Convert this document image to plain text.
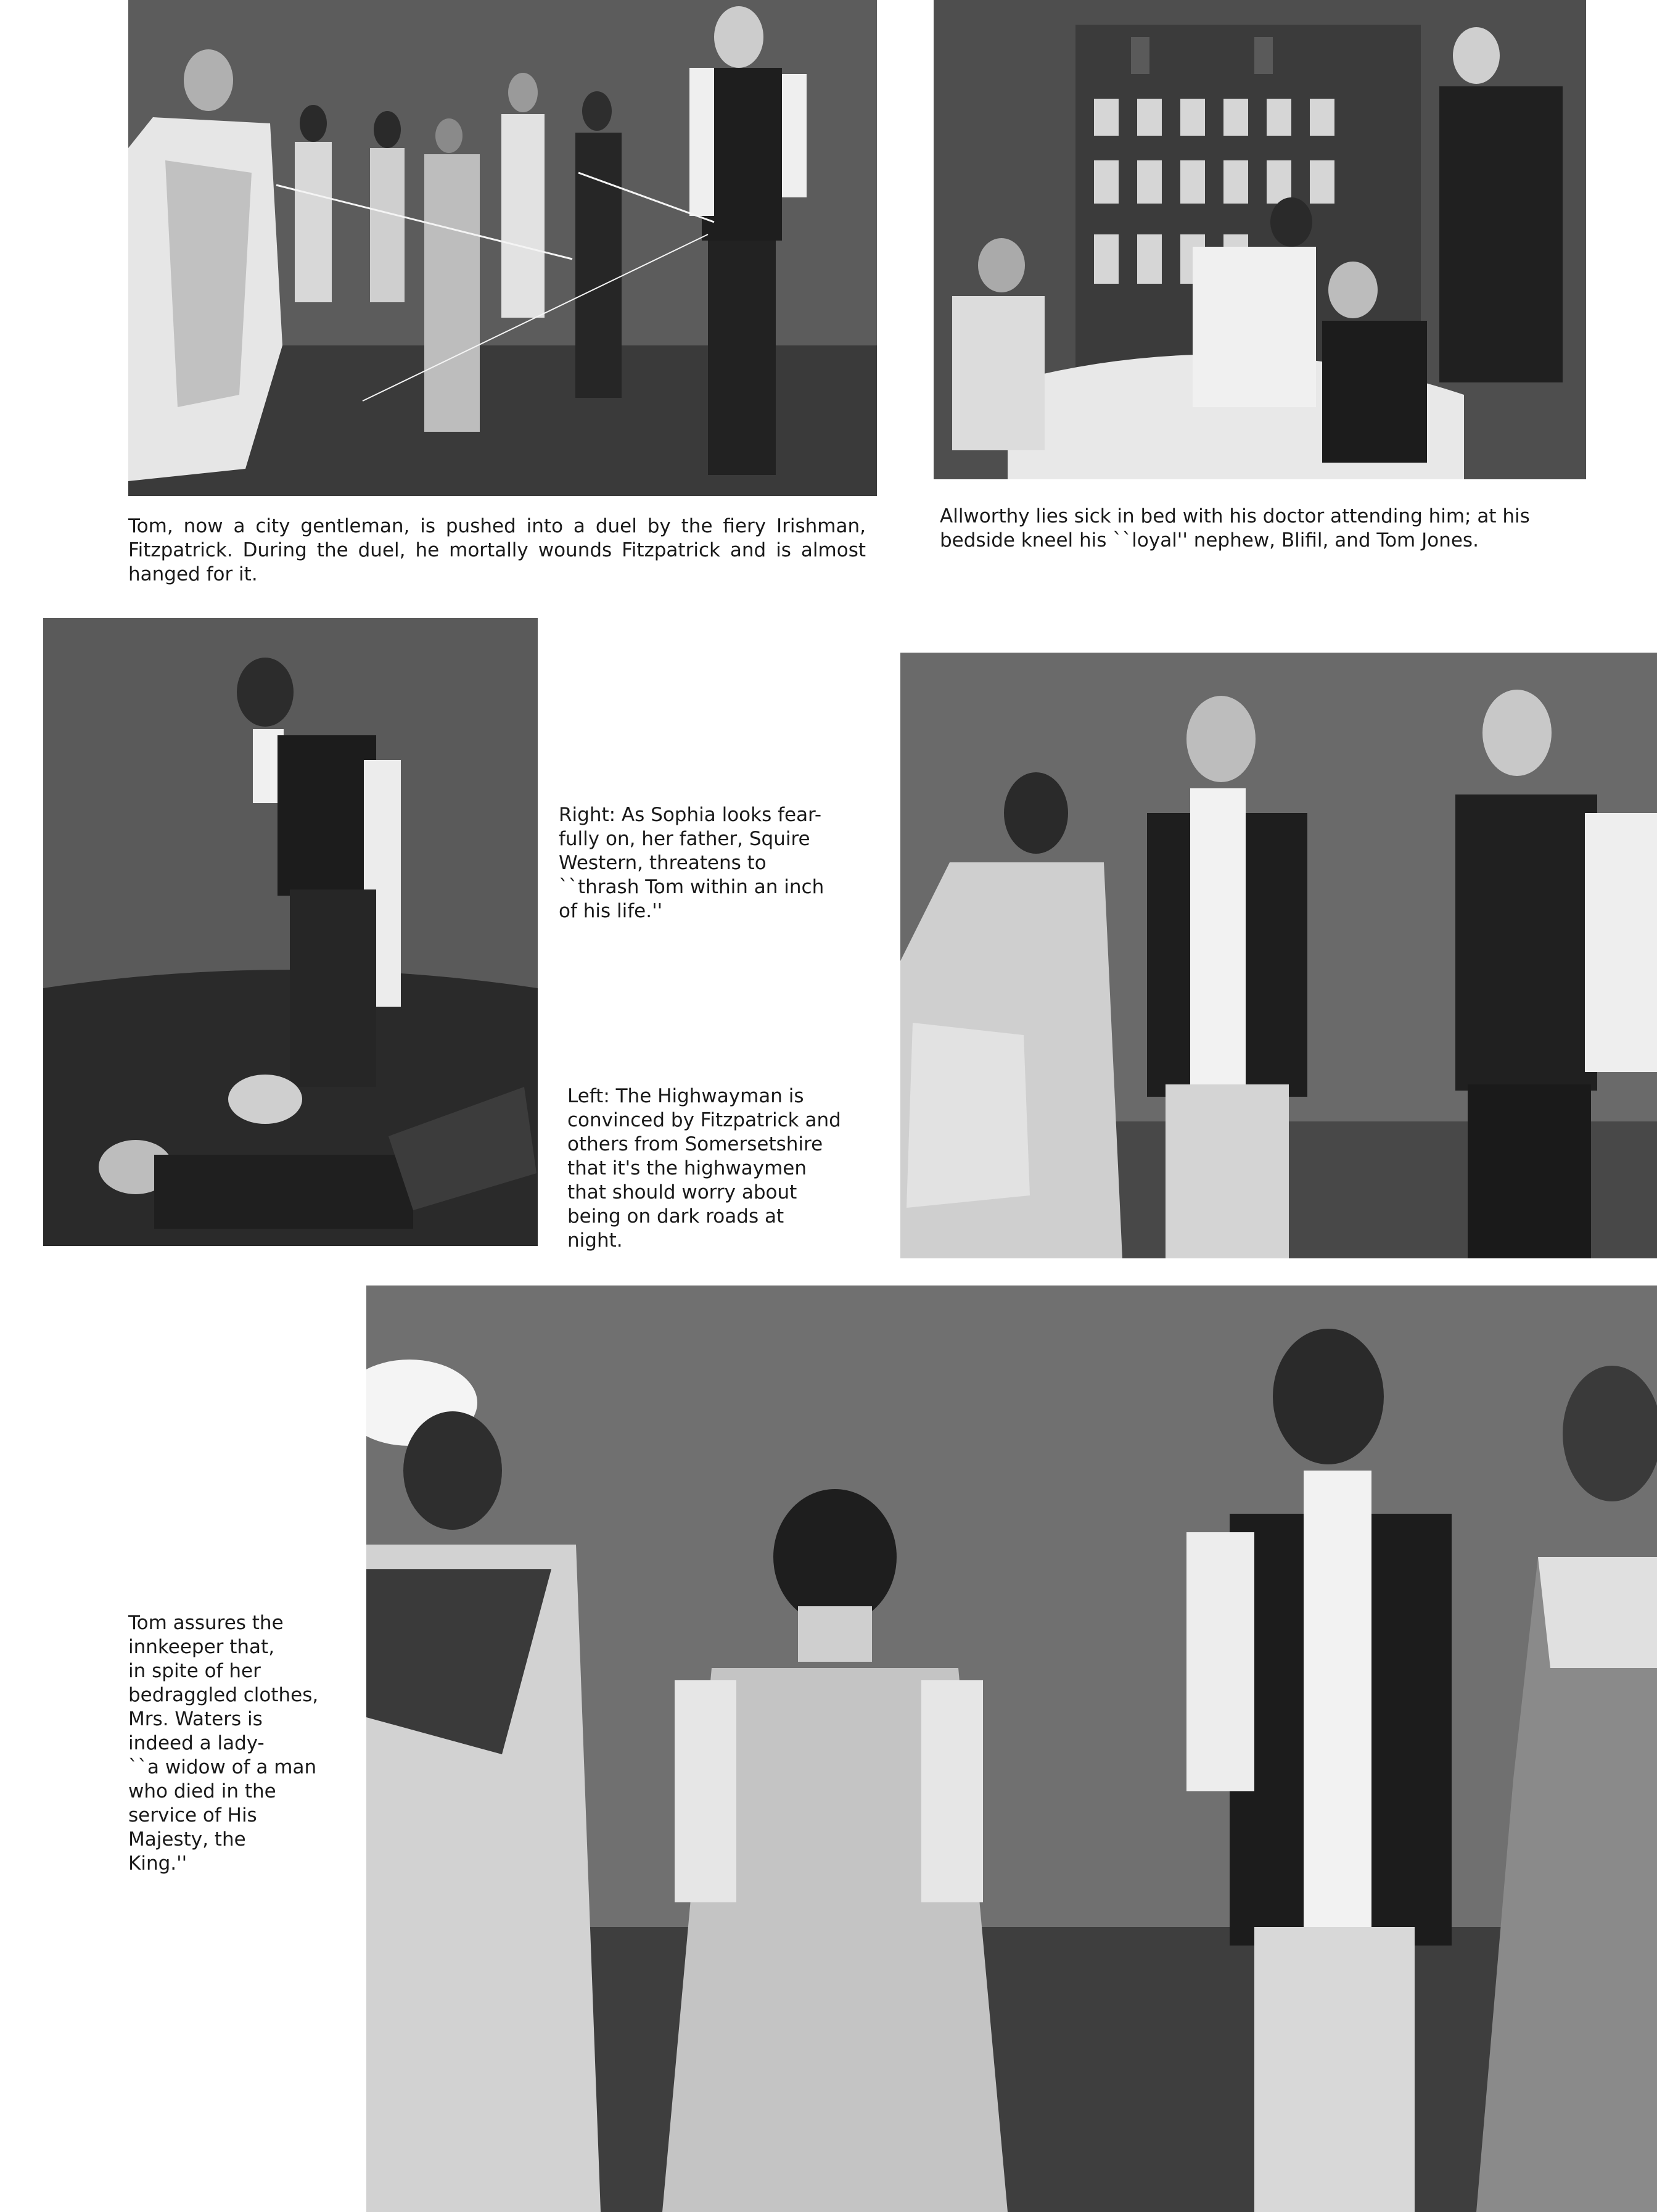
Tom, now a city gentleman, is pushed into a duel by the fiery Irishman, Fitzpatrick. During the duel, he mortally wounds Fitzpatrick and is almost hanged for it.

Allworthy lies sick in bed with his doctor attending him; at his bedside kneel his ``loyal'' nephew, Blifil, and Tom Jones.

Right: As Sophia looks fear-
fully on, her father, Squire
Western, threatens to
``thrash Tom within an inch
of his life.''

Left: The Highwayman is
convinced by Fitzpatrick and
others from Somersetshire
that it's the highwaymen
that should worry about
being on dark roads at
night.

Tom assures the
innkeeper that,
in spite of her
bedraggled clothes,
Mrs. Waters is
indeed a lady-
``a widow of a man
who died in the
service of His
Majesty, the
King.''
